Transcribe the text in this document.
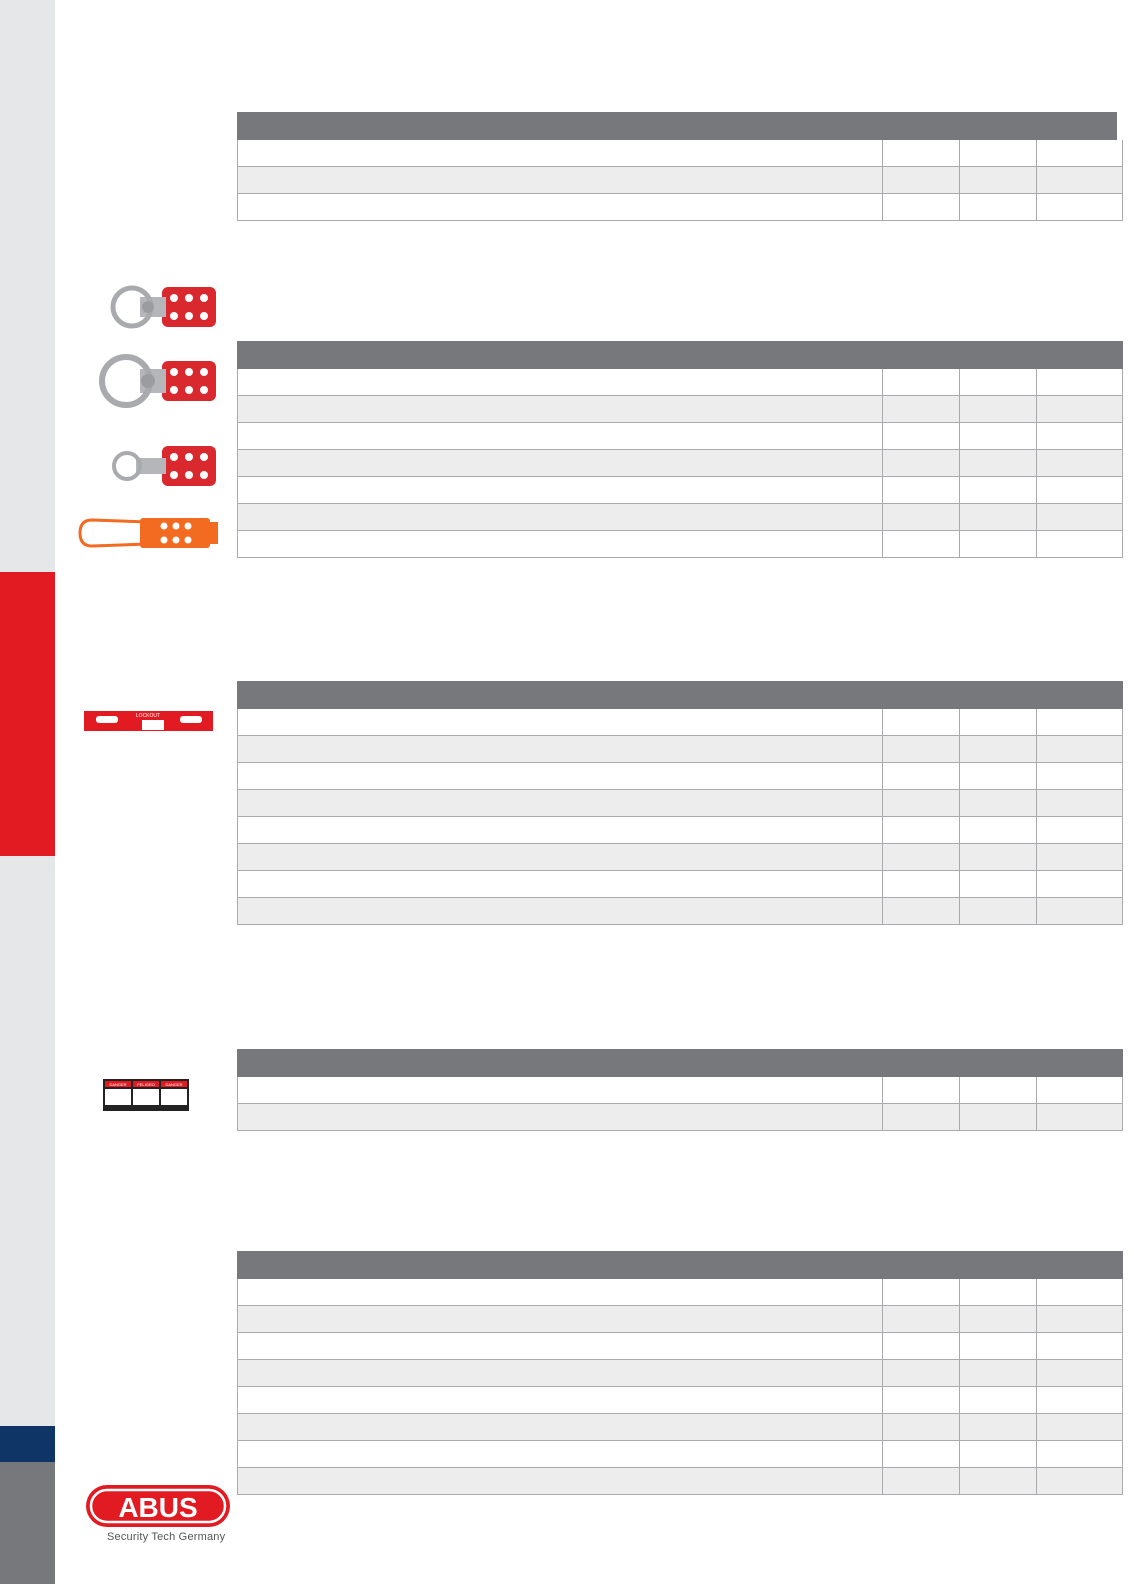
LOCKOUT
DANGER	PELIGRO	DANGER
ABUS
Security Tech Germany
